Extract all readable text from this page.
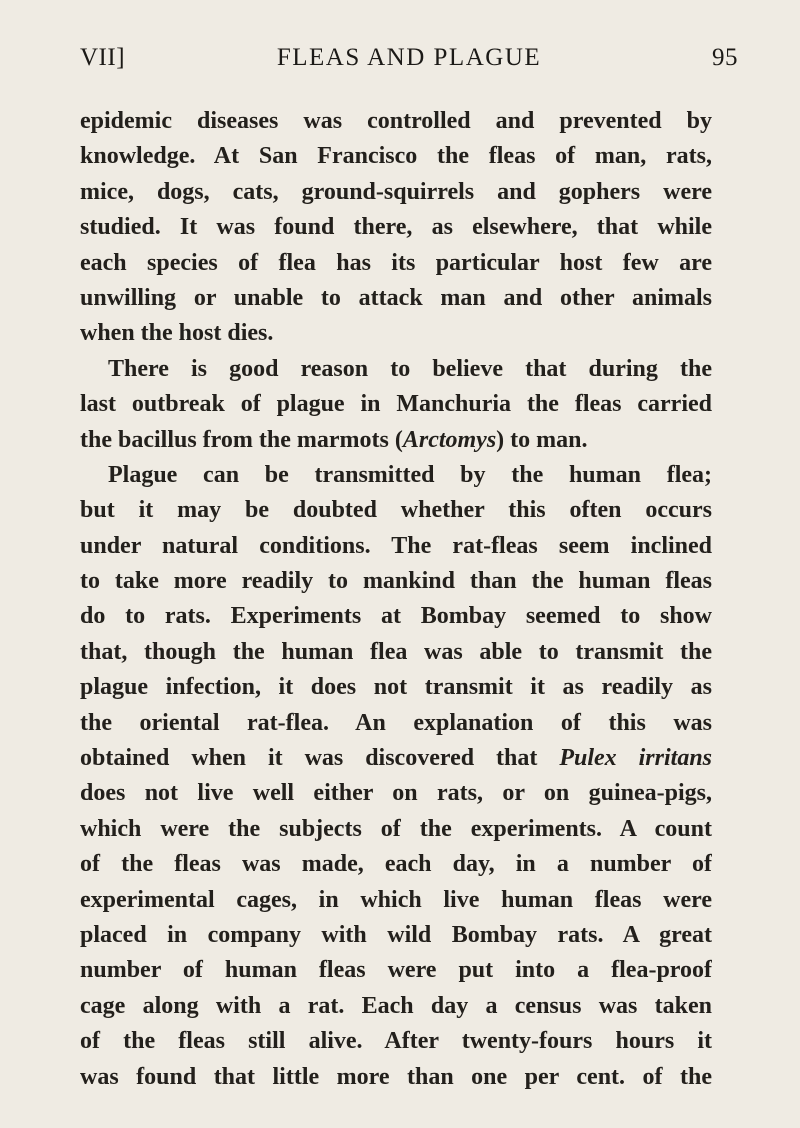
VII]	FLEAS AND PLAGUE	95
epidemic diseases was controlled and prevented by
knowledge. At San Francisco the fleas of man, rats,
mice, dogs, cats, ground-squirrels and gophers were
studied. It was found there, as elsewhere, that while
each species of flea has its particular host few are
unwilling or unable to attack man and other animals
when the host dies.
There is good reason to believe that during the
last outbreak of plague in Manchuria the fleas carried
the bacillus from the marmots (Arctomys) to man.
Plague can be transmitted by the human flea;
but it may be doubted whether this often occurs
under natural conditions. The rat-fleas seem inclined
to take more readily to mankind than the human fleas
do to rats. Experiments at Bombay seemed to show
that, though the human flea was able to transmit the
plague infection, it does not transmit it as readily as
the oriental rat-flea. An explanation of this was
obtained when it was discovered that Pulex irritans
does not live well either on rats, or on guinea-pigs,
which were the subjects of the experiments. A count
of the fleas was made, each day, in a number of
experimental cages, in which live human fleas were
placed in company with wild Bombay rats. A great
number of human fleas were put into a flea-proof
cage along with a rat. Each day a census was taken
of the fleas still alive. After twenty-fours hours it
was found that little more than one per cent. of the
